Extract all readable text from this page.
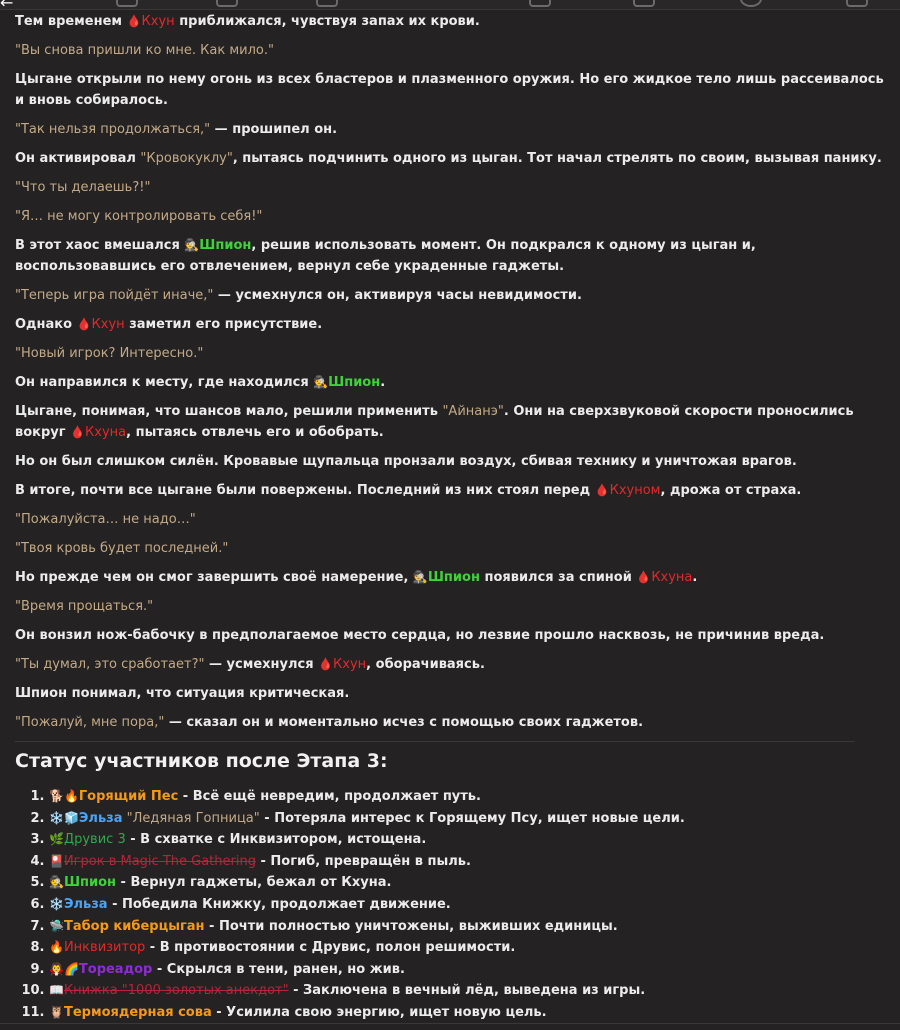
←

Тем временем 🩸Кхун приближался, чувствуя запах их крови.

"Вы снова пришли ко мне. Как мило."

Цыгане открыли по нему огонь из всех бластеров и плазменного оружия. Но его жидкое тело лишь рассеивалось и вновь собиралось.

"Так нельзя продолжаться," — прошипел он.

Он активировал "Кровокуклу", пытаясь подчинить одного из цыган. Тот начал стрелять по своим, вызывая панику.

"Что ты делаешь?!"

"Я… не могу контролировать себя!"

В этот хаос вмешался 🕵️Шпион, решив использовать момент. Он подкрался к одному из цыган и, воспользовавшись его отвлечением, вернул себе украденные гаджеты.

"Теперь игра пойдёт иначе," — усмехнулся он, активируя часы невидимости.

Однако 🩸Кхун заметил его присутствие.

"Новый игрок? Интересно."

Он направился к месту, где находился 🕵️Шпион.

Цыгане, понимая, что шансов мало, решили применить "Айнанэ". Они на сверхзвуковой скорости проносились вокруг 🩸Кхуна, пытаясь отвлечь его и обобрать.

Но он был слишком силён. Кровавые щупальца пронзали воздух, сбивая технику и уничтожая врагов.

В итоге, почти все цыгане были повержены. Последний из них стоял перед 🩸Кхуном, дрожа от страха.

"Пожалуйста… не надо…"

"Твоя кровь будет последней."

Но прежде чем он смог завершить своё намерение, 🕵️Шпион появился за спиной 🩸Кхуна.

"Время прощаться."

Он вонзил нож-бабочку в предполагаемое место сердца, но лезвие прошло насквозь, не причинив вреда.

"Ты думал, это сработает?" — усмехнулся 🩸Кхун, оборачиваясь.

Шпион понимал, что ситуация критическая.

"Пожалуй, мне пора," — сказал он и моментально исчез с помощью своих гаджетов.

Статус участников после Этапа 3:
1. 🐕🔥Горящий Пес - Всё ещё невредим, продолжает путь.
2. ❄️🧊Эльза "Ледяная Гопница" - Потеряла интерес к Горящему Псу, ищет новые цели.
3. 🌿Друвис 3 - В схватке с Инквизитором, истощена.
4. 🎴Игрок в Magic The Gathering - Погиб, превращён в пыль.
5. 🕵️Шпион - Вернул гаджеты, бежал от Кхуна.
6. ❄️Эльза - Победила Книжку, продолжает движение.
7. 🛸Табор киберцыган - Почти полностью уничтожены, выживших единицы.
8. 🔥Инквизитор - В противостоянии с Друвис, полон решимости.
9. 🧛🌈Тореадор - Скрылся в тени, ранен, но жив.
10. 📖Книжка "1000 золотых анекдот" - Заключена в вечный лёд, выведена из игры.
11. 🦉Термоядерная сова - Усилила свою энергию, ищет новую цель.
